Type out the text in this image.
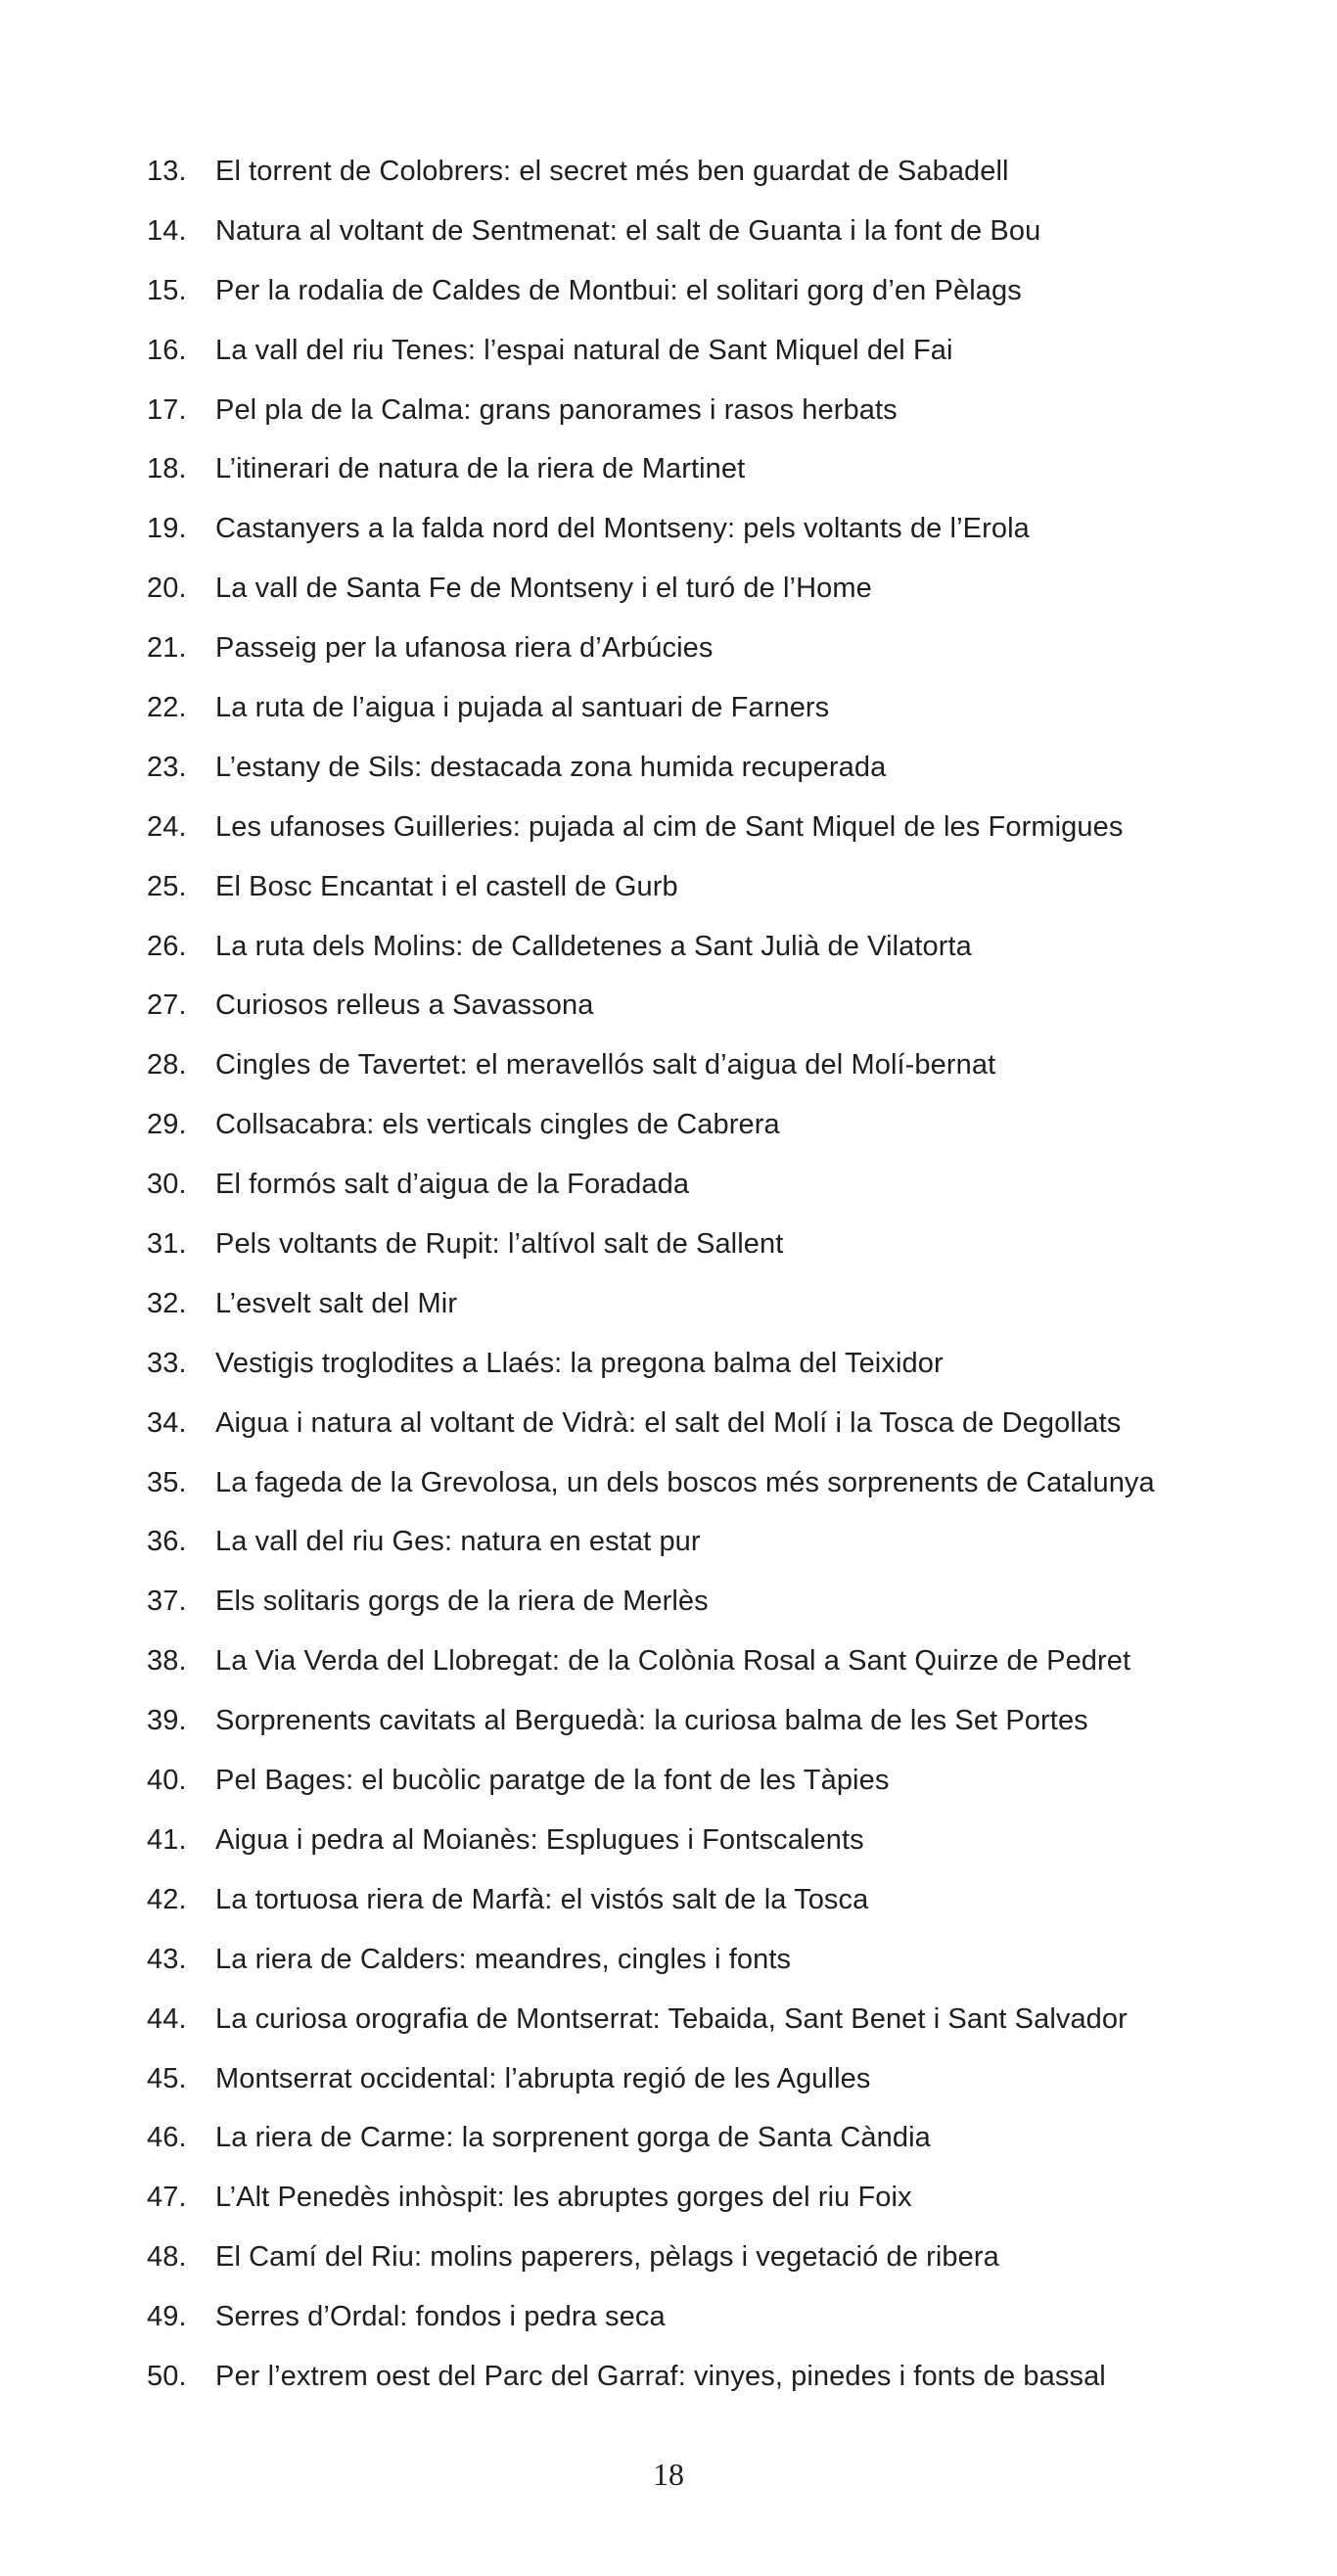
13. El torrent de Colobrers: el secret més ben guardat de Sabadell
14. Natura al voltant de Sentmenat: el salt de Guanta i la font de Bou
15. Per la rodalia de Caldes de Montbui: el solitari gorg d’en Pèlags
16. La vall del riu Tenes: l’espai natural de Sant Miquel del Fai
17. Pel pla de la Calma: grans panorames i rasos herbats
18. L’itinerari de natura de la riera de Martinet
19. Castanyers a la falda nord del Montseny: pels voltants de l’Erola
20. La vall de Santa Fe de Montseny i el turó de l’Home
21. Passeig per la ufanosa riera d’Arbúcies
22. La ruta de l’aigua i pujada al santuari de Farners
23. L’estany de Sils: destacada zona humida recuperada
24. Les ufanoses Guilleries: pujada al cim de Sant Miquel de les Formigues
25. El Bosc Encantat i el castell de Gurb
26. La ruta dels Molins: de Calldetenes a Sant Julià de Vilatorta
27. Curiosos relleus a Savassona
28. Cingles de Tavertet: el meravellós salt d’aigua del Molí-bernat
29. Collsacabra: els verticals cingles de Cabrera
30. El formós salt d’aigua de la Foradada
31. Pels voltants de Rupit: l’altívol salt de Sallent
32. L’esvelt salt del Mir
33. Vestigis troglodites a Llaés: la pregona balma del Teixidor
34. Aigua i natura al voltant de Vidrà: el salt del Molí i la Tosca de Degollats
35. La fageda de la Grevolosa, un dels boscos més sorprenents de Catalunya
36. La vall del riu Ges: natura en estat pur
37. Els solitaris gorgs de la riera de Merlès
38. La Via Verda del Llobregat: de la Colònia Rosal a Sant Quirze de Pedret
39. Sorprenents cavitats al Berguedà: la curiosa balma de les Set Portes
40. Pel Bages: el bucòlic paratge de la font de les Tàpies
41. Aigua i pedra al Moianès: Esplugues i Fontscalents
42. La tortuosa riera de Marfà: el vistós salt de la Tosca
43. La riera de Calders: meandres, cingles i fonts
44. La curiosa orografia de Montserrat: Tebaida, Sant Benet i Sant Salvador
45. Montserrat occidental: l’abrupta regió de les Agulles
46. La riera de Carme: la sorprenent gorga de Santa Càndia
47. L’Alt Penedès inhòspit: les abruptes gorges del riu Foix
48. El Camí del Riu: molins paperers, pèlags i vegetació de ribera
49. Serres d’Ordal: fondos i pedra seca
50. Per l’extrem oest del Parc del Garraf: vinyes, pinedes i fonts de bassal
18
